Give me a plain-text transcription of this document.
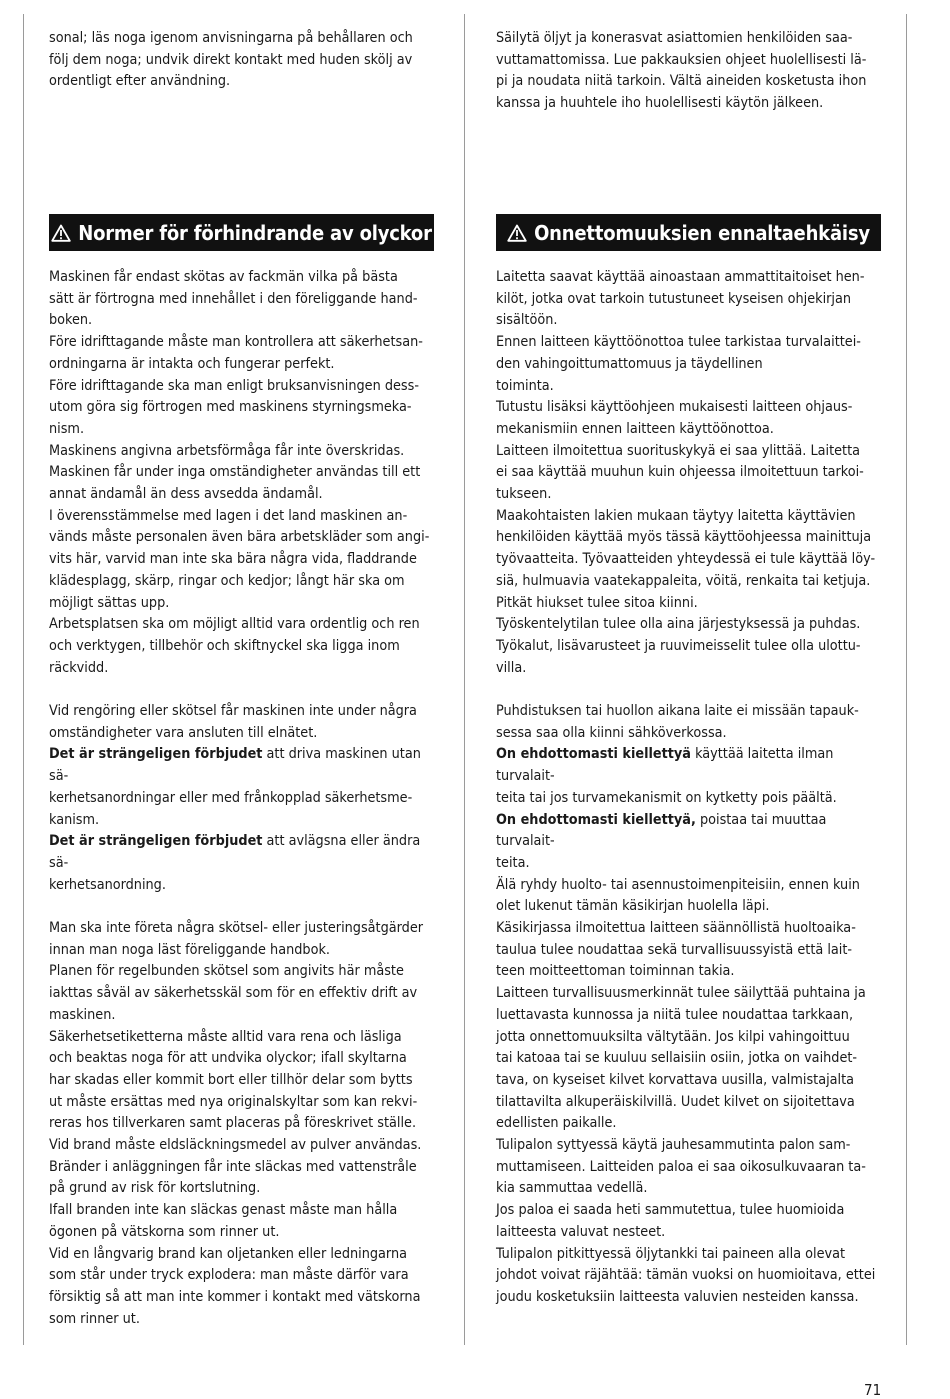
sonal; läs noga igenom anvisningarna på behållaren och

följ dem noga; undvik direkt kontakt med huden skölj av

ordentligt efter användning.

Normer för förhindrande av olyckor

Maskinen får endast skötas av fackmän vilka på bästa

sätt är förtrogna med innehållet i den föreliggande hand-

boken.

Före idrifttagande måste man kontrollera att säkerhetsan-

ordningarna är intakta och fungerar perfekt.

Före idrifttagande ska man enligt bruksanvisningen dess-

utom göra sig förtrogen med maskinens styrningsmeka-

nism.

Maskinens angivna arbetsförmåga får inte överskridas.

Maskinen får under inga omständigheter användas till ett

annat ändamål än dess avsedda ändamål.

I överensstämmelse med lagen i det land maskinen an-

vänds måste personalen även bära arbetskläder som angi-

vits här, varvid man inte ska bära några vida, fladdrande

klädesplagg, skärp, ringar och kedjor; långt här ska om

möjligt sättas upp.

Arbetsplatsen ska om möjligt alltid vara ordentlig och ren

och verktygen, tillbehör och skiftnyckel ska ligga inom

räckvidd.

Vid rengöring eller skötsel får maskinen inte under några

omständigheter vara ansluten till elnätet.

Det är strängeligen förbjudet att driva maskinen utan sä-

kerhetsanordningar eller med frånkopplad säkerhetsme-

kanism.

Det är strängeligen förbjudet att avlägsna eller ändra sä-

kerhetsanordning.

Man ska inte företa några skötsel- eller justeringsåtgärder

innan man noga läst föreliggande handbok.

Planen för regelbunden skötsel som angivits här måste

iakttas såväl av säkerhetsskäl som för en effektiv drift av

maskinen.

Säkerhetsetiketterna måste alltid vara rena och läsliga

och beaktas noga för att undvika olyckor; ifall skyltarna

har skadas eller kommit bort eller tillhör delar som bytts

ut måste ersättas med nya originalskyltar som kan rekvi-

reras hos tillverkaren samt placeras på föreskrivet ställe.

Vid brand måste eldsläckningsmedel av pulver användas.

Bränder i anläggningen får inte släckas med vattenstråle

på grund av risk för kortslutning.

Ifall branden inte kan släckas genast måste man hålla

ögonen på vätskorna som rinner ut.

Vid en långvarig brand kan oljetanken eller ledningarna

som står under tryck explodera: man måste därför vara

försiktig så att man inte kommer i kontakt med vätskorna

som rinner ut.

Säilytä öljyt ja konerasvat asiattomien henkilöiden saa-

vuttamattomissa. Lue pakkauksien ohjeet huolellisesti lä-

pi ja noudata niitä tarkoin. Vältä aineiden kosketusta ihon

kanssa ja huuhtele iho huolellisesti käytön jälkeen.

Onnettomuuksien ennaltaehkäisy

Laitetta saavat käyttää ainoastaan ammattitaitoiset hen-

kilöt, jotka ovat tarkoin tutustuneet kyseisen ohjekirjan

sisältöön.

Ennen laitteen käyttöönottoa tulee tarkistaa turvalaittei-

den vahingoittumattomuus ja täydellinen

toiminta.

Tutustu lisäksi käyttöohjeen mukaisesti laitteen ohjaus-

mekanismiin ennen laitteen käyttöönottoa.

Laitteen ilmoitettua suorituskykyä ei saa ylittää. Laitetta

ei saa käyttää muuhun kuin ohjeessa ilmoitettuun tarkoi-

tukseen.

Maakohtaisten lakien mukaan täytyy laitetta käyttävien

henkilöiden käyttää myös tässä käyttöohjeessa mainittuja

työvaatteita. Työvaatteiden yhteydessä ei tule käyttää löy-

siä, hulmuavia vaatekappaleita, vöitä, renkaita tai ketjuja.

Pitkät hiukset tulee sitoa kiinni.

Työskentelytilan tulee olla aina järjestyksessä ja puhdas.

Työkalut, lisävarusteet ja ruuvimeisselit tulee olla ulottu-

villa.

Puhdistuksen tai huollon aikana laite ei missään tapauk-

sessa saa olla kiinni sähköverkossa.

On ehdottomasti kiellettyä käyttää laitetta ilman turvalait-

teita tai jos turvamekanismit on kytketty pois päältä.

On ehdottomasti kiellettyä, poistaa tai muuttaa turvalait-

teita.

Älä ryhdy huolto- tai asennustoimenpiteisiin, ennen kuin

olet lukenut tämän käsikirjan huolella läpi.

Käsikirjassa ilmoitettua laitteen säännöllistä huoltoaika-

taulua tulee noudattaa sekä turvallisuussyistä että lait-

teen moitteettoman toiminnan takia.

Laitteen turvallisuusmerkinnät tulee säilyttää puhtaina ja

luettavasta kunnossa ja niitä tulee noudattaa tarkkaan,

jotta onnettomuuksilta vältytään. Jos kilpi vahingoittuu

tai katoaa tai se kuuluu sellaisiin osiin, jotka on vaihdet-

tava, on kyseiset kilvet korvattava uusilla, valmistajalta

tilattavilta alkuperäiskilvillä. Uudet kilvet on sijoitettava

edellisten paikalle.

Tulipalon syttyessä käytä jauhesammutinta palon sam-

muttamiseen. Laitteiden paloa ei saa oikosulkuvaaran ta-

kia sammuttaa vedellä.

Jos paloa ei saada heti sammutettua, tulee huomioida

laitteesta valuvat nesteet.

Tulipalon pitkittyessä öljytankki tai paineen alla olevat

johdot voivat räjähtää: tämän vuoksi on huomioitava, ettei

joudu kosketuksiin laitteesta valuvien nesteiden kanssa.

71
